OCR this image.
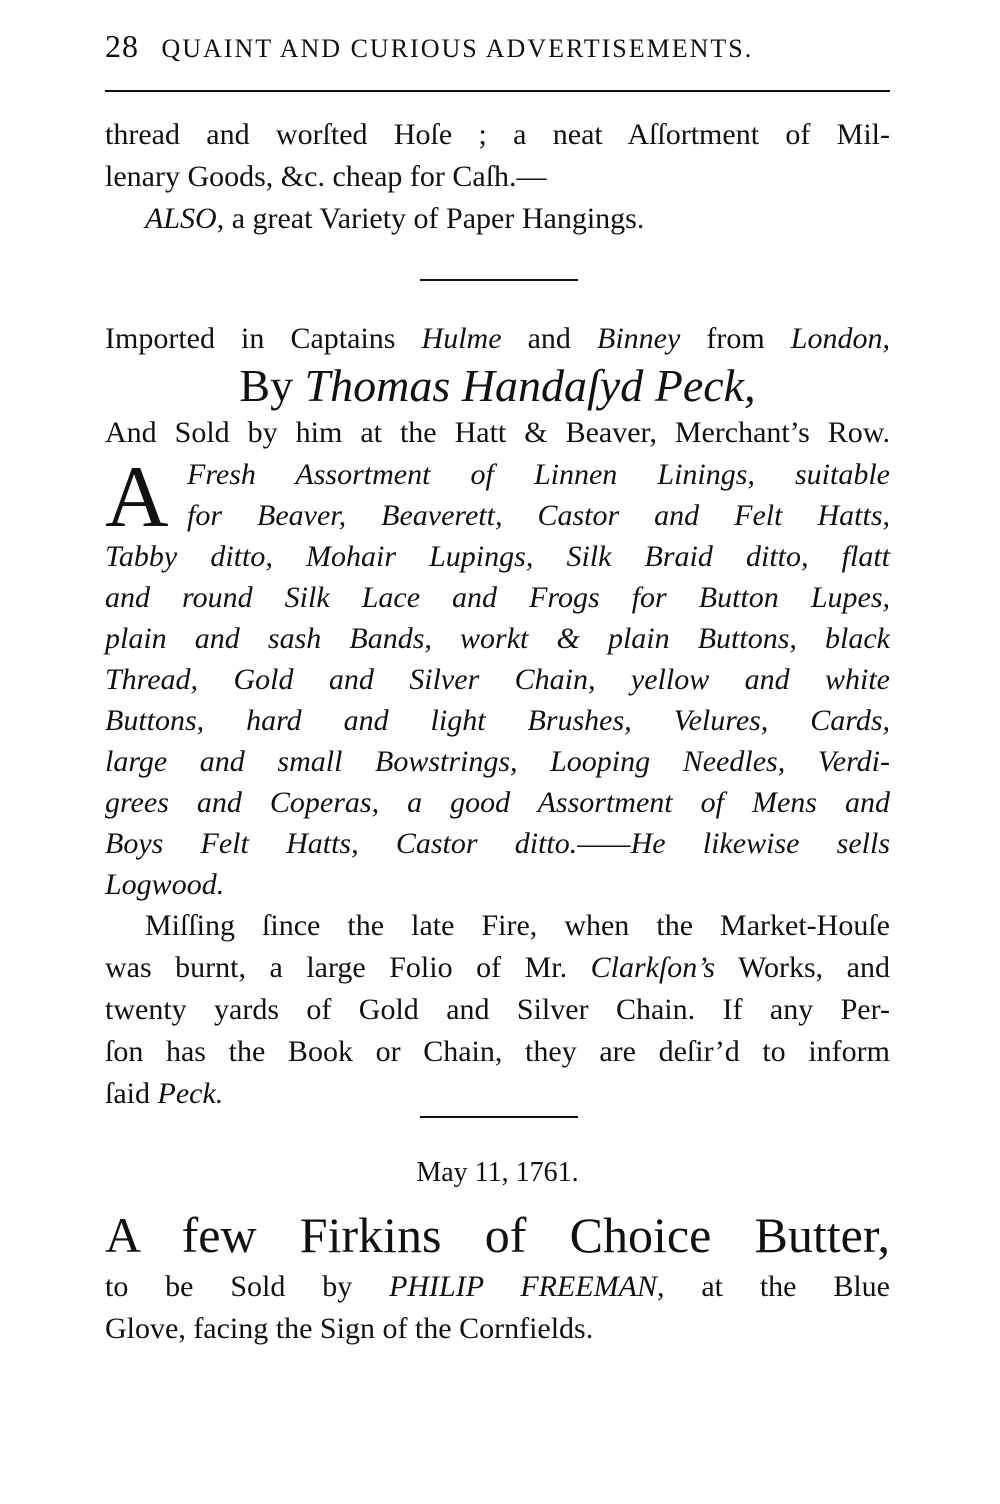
28 QUAINT AND CURIOUS ADVERTISEMENTS.
thread and worſted Hoſe ; a neat Aſſortment of Mil-
lenary Goods, &c. cheap for Caſh.—
ALSO, a great Variety of Paper Hangings.
Imported in Captains Hulme and Binney from London,
By Thomas Handaſyd Peck,
And Sold by him at the Hatt & Beaver, Merchant’s Row.
A Fresh Assortment of Linnen Linings, suitable
for Beaver, Beaverett, Castor and Felt Hatts,
Tabby ditto, Mohair Lupings, Silk Braid ditto, flatt
and round Silk Lace and Frogs for Button Lupes,
plain and sash Bands, workt & plain Buttons, black
Thread, Gold and Silver Chain, yellow and white
Buttons, hard and light Brushes, Velures, Cards,
large and small Bowstrings, Looping Needles, Verdi-
grees and Coperas, a good Assortment of Mens and
Boys Felt Hatts, Castor ditto.——He likewise sells
Logwood.
Miſſing ſince the late Fire, when the Market-Houſe
was burnt, a large Folio of Mr. Clarkſon’s Works, and
twenty yards of Gold and Silver Chain. If any Per-
ſon has the Book or Chain, they are deſir’d to inform
ſaid Peck.
May 11, 1761.
A few Firkins of Choice Butter,
to be Sold by PHILIP FREEMAN, at the Blue
Glove, facing the Sign of the Cornfields.
